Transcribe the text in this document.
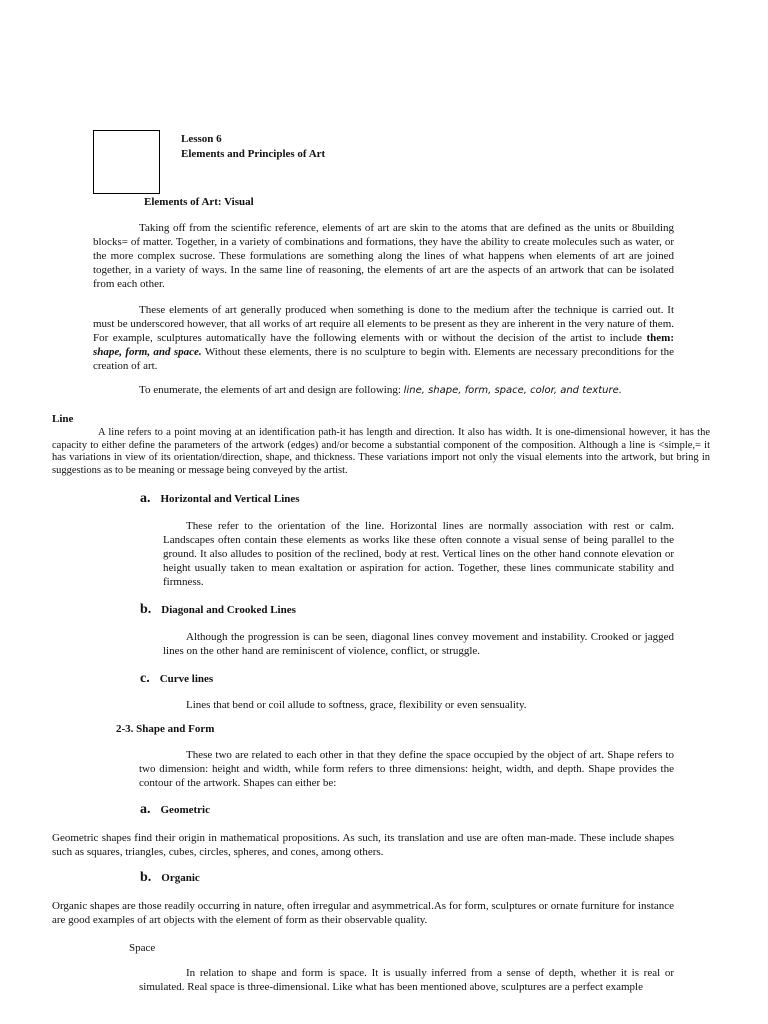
Lesson 6
Elements and Principles of Art
Elements of Art: Visual

Taking off from the scientific reference, elements of art are skin to the atoms that are defined as the units or 8building blocks= of matter. Together, in a variety of combinations and formations, they have the ability to create molecules such as water, or the more complex sucrose. These formulations are something along the lines of what happens when elements of art are joined together, in a variety of ways. In the same line of reasoning, the elements of art are the aspects of an artwork that can be isolated from each other.

These elements of art generally produced when something is done to the medium after the technique is carried out. It must be underscored however, that all works of art require all elements to be present as they are inherent in the very nature of them. For example, sculptures automatically have the following elements with or without the decision of the artist to include them: shape, form, and space. Without these elements, there is no sculpture to begin with. Elements are necessary preconditions for the creation of art.

To enumerate, the elements of art and design are following: line, shape, form, space, color, and texture.

Line

A line refers to a point moving at an identification path-it has length and direction. It also has width. It is one-dimensional however, it has the capacity to either define the parameters of the artwork (edges) and/or become a substantial component of the composition. Although a line is <simple,= it has variations in view of its orientation/direction, shape, and thickness. These variations import not only the visual elements into the artwork, but bring in suggestions as to be meaning or message being conveyed by the artist.

a. Horizontal and Vertical Lines

These refer to the orientation of the line. Horizontal lines are normally association with rest or calm. Landscapes often contain these elements as works like these often connote a visual sense of being parallel to the ground. It also alludes to position of the reclined, body at rest. Vertical lines on the other hand connote elevation or height usually taken to mean exaltation or aspiration for action. Together, these lines communicate stability and firmness.

b. Diagonal and Crooked Lines

Although the progression is can be seen, diagonal lines convey movement and instability. Crooked or jagged lines on the other hand are reminiscent of violence, conflict, or struggle.

c. Curve lines

Lines that bend or coil allude to softness, grace, flexibility or even sensuality.

2-3. Shape and Form

These two are related to each other in that they define the space occupied by the object of art. Shape refers to two dimension: height and width, while form refers to three dimensions: height, width, and depth. Shape provides the contour of the artwork. Shapes can either be:

a. Geometric

Geometric shapes find their origin in mathematical propositions. As such, its translation and use are often man-made. These include shapes such as squares, triangles, cubes, circles, spheres, and cones, among others.

b. Organic

Organic shapes are those readily occurring in nature, often irregular and asymmetrical.As for form, sculptures or ornate furniture for instance are good examples of art objects with the element of form as their observable quality.

Space

In relation to shape and form is space. It is usually inferred from a sense of depth, whether it is real or simulated. Real space is three-dimensional. Like what has been mentioned above, sculptures are a perfect example
